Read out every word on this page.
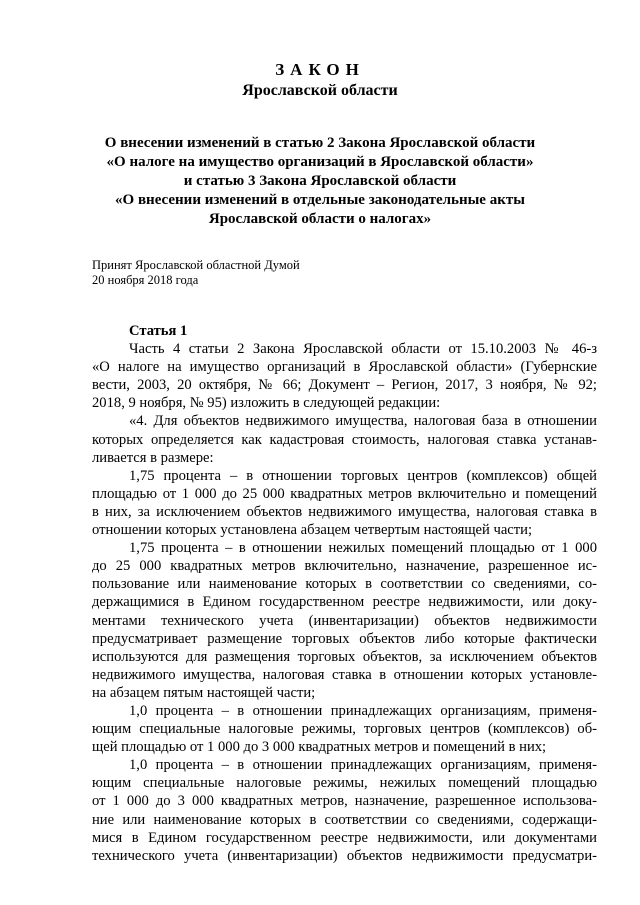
ЗАКОН
Ярославской области
О внесении изменений в статью 2 Закона Ярославской области
«О налоге на имущество организаций в Ярославской области»
и статью 3 Закона Ярославской области
«О внесении изменений в отдельные законодательные акты
Ярославской области о налогах»
Принят Ярославской областной Думой
20 ноября 2018 года
Статья 1
Часть 4 статьи 2 Закона Ярославской области от 15.10.2003 № 46-з
«О налоге на имущество организаций в Ярославской области» (Губернские
вести, 2003, 20 октября, № 66; Документ – Регион, 2017, 3 ноября, № 92;
2018, 9 ноября, № 95) изложить в следующей редакции:
«4. Для объектов недвижимого имущества, налоговая база в отношении
которых определяется как кадастровая стоимость, налоговая ставка устанав-
ливается в размере:
1,75 процента – в отношении торговых центров (комплексов) общей
площадью от 1 000 до 25 000 квадратных метров включительно и помещений
в них, за исключением объектов недвижимого имущества, налоговая ставка в
отношении которых установлена абзацем четвертым настоящей части;
1,75 процента – в отношении нежилых помещений площадью от 1 000
до 25 000 квадратных метров включительно, назначение, разрешенное ис-
пользование или наименование которых в соответствии со сведениями, со-
держащимися в Едином государственном реестре недвижимости, или доку-
ментами технического учета (инвентаризации) объектов недвижимости
предусматривает размещение торговых объектов либо которые фактически
используются для размещения торговых объектов, за исключением объектов
недвижимого имущества, налоговая ставка в отношении которых установле-
на абзацем пятым настоящей части;
1,0 процента – в отношении принадлежащих организациям, применя-
ющим специальные налоговые режимы, торговых центров (комплексов) об-
щей площадью от 1 000 до 3 000 квадратных метров и помещений в них;
1,0 процента – в отношении принадлежащих организациям, применя-
ющим специальные налоговые режимы, нежилых помещений площадью
от 1 000 до 3 000 квадратных метров, назначение, разрешенное использова-
ние или наименование которых в соответствии со сведениями, содержащи-
мися в Едином государственном реестре недвижимости, или документами
технического учета (инвентаризации) объектов недвижимости предусматри-
